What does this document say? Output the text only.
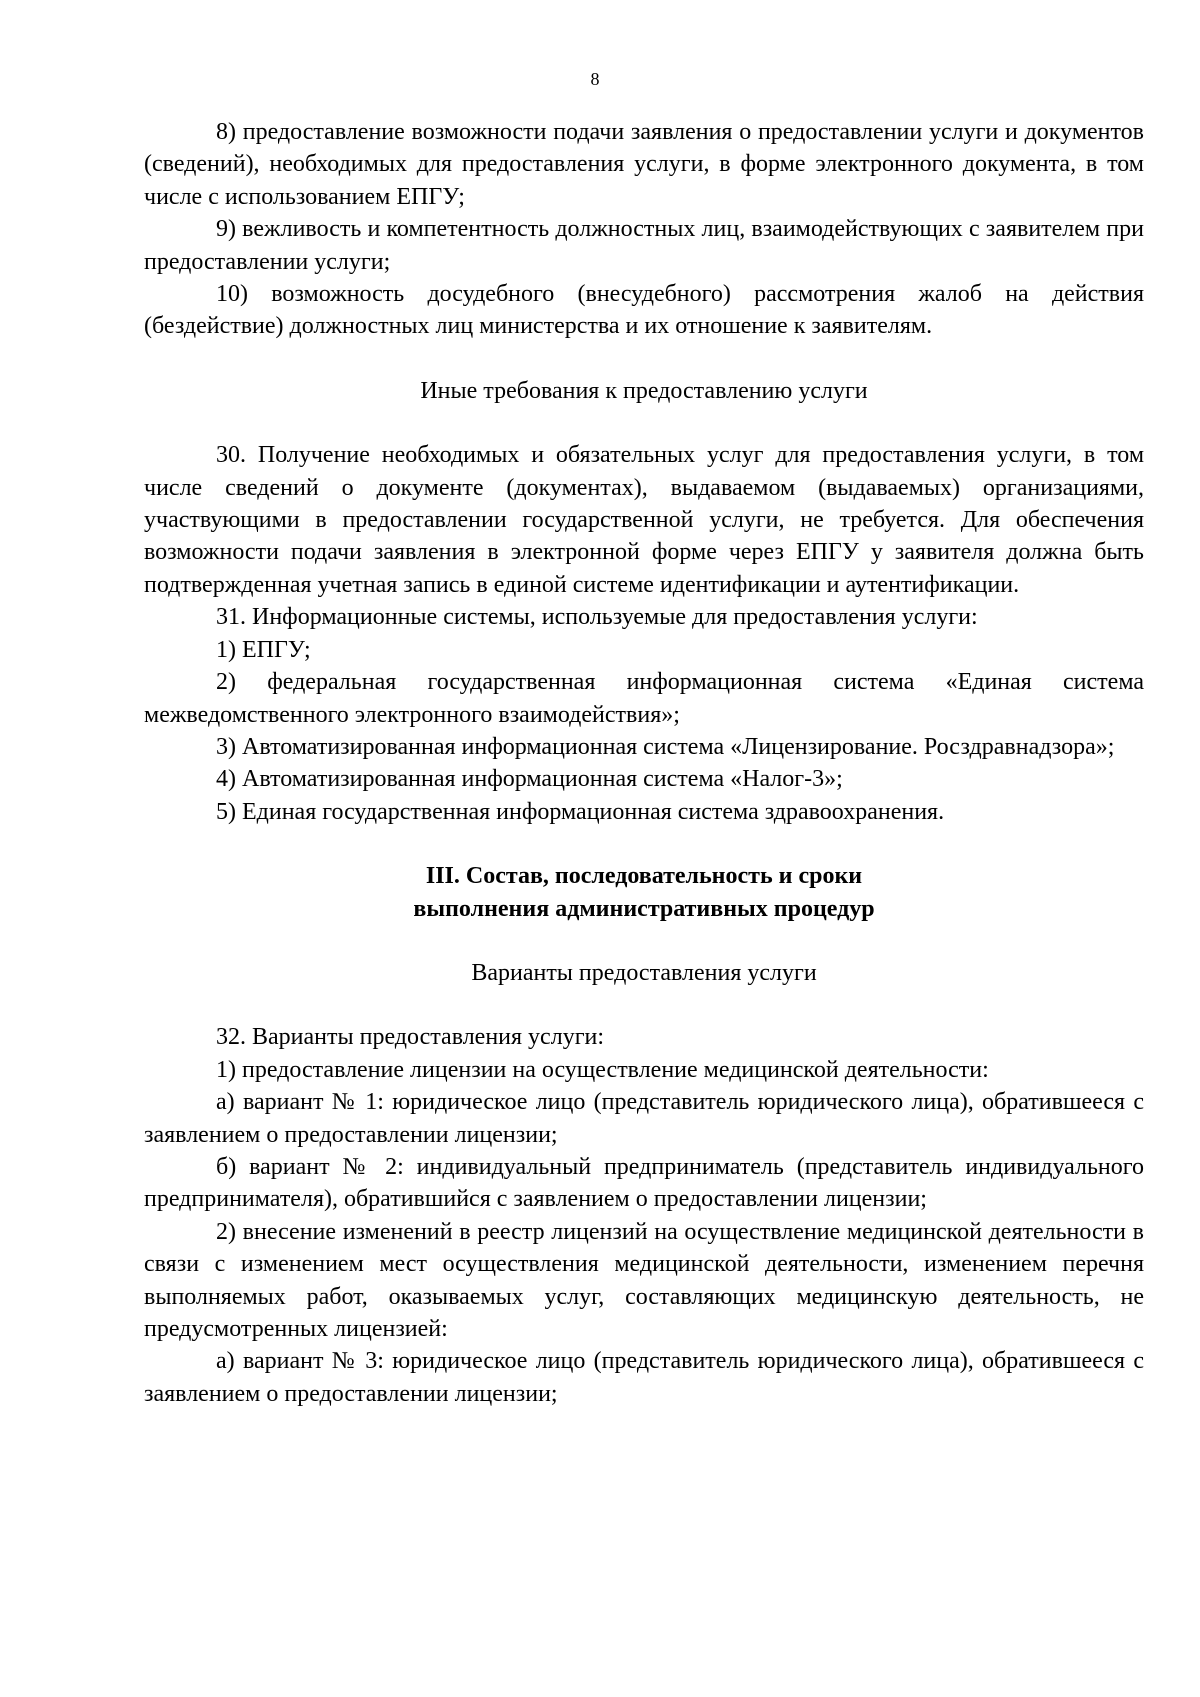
8

8) предоставление возможности подачи заявления о предоставлении услуги и документов (сведений), необходимых для предоставления услуги, в форме электронного документа, в том числе с использованием ЕПГУ;

9) вежливость и компетентность должностных лиц, взаимодействующих с заявителем при предоставлении услуги;

10) возможность досудебного (внесудебного) рассмотрения жалоб на действия (бездействие) должностных лиц министерства и их отношение к заявителям.

Иные требования к предоставлению услуги

30. Получение необходимых и обязательных услуг для предоставления услуги, в том числе сведений о документе (документах), выдаваемом (выдаваемых) организациями, участвующими в предоставлении государственной услуги, не требуется. Для обеспечения возможности подачи заявления в электронной форме через ЕПГУ у заявителя должна быть подтвержденная учетная запись в единой системе идентификации и аутентификации.

31. Информационные системы, используемые для предоставления услуги:

1) ЕПГУ;

2) федеральная государственная информационная система «Единая система межведомственного электронного взаимодействия»;

3) Автоматизированная информационная система «Лицензирование. Росздравнадзора»;

4) Автоматизированная информационная система «Налог-3»;

5) Единая государственная информационная система здравоохранения.

III. Состав, последовательность и сроки

выполнения административных процедур

Варианты предоставления услуги

32. Варианты предоставления услуги:

1) предоставление лицензии на осуществление медицинской деятельности:

а) вариант № 1: юридическое лицо (представитель юридического лица), обратившееся с заявлением о предоставлении лицензии;

б) вариант № 2: индивидуальный предприниматель (представитель индивидуального предпринимателя), обратившийся с заявлением о предоставлении лицензии;

2) внесение изменений в реестр лицензий на осуществление медицинской деятельности в связи с изменением мест осуществления медицинской деятельности, изменением перечня выполняемых работ, оказываемых услуг, составляющих медицинскую деятельность, не предусмотренных лицензией:

а) вариант № 3: юридическое лицо (представитель юридического лица), обратившееся с заявлением о предоставлении лицензии;
